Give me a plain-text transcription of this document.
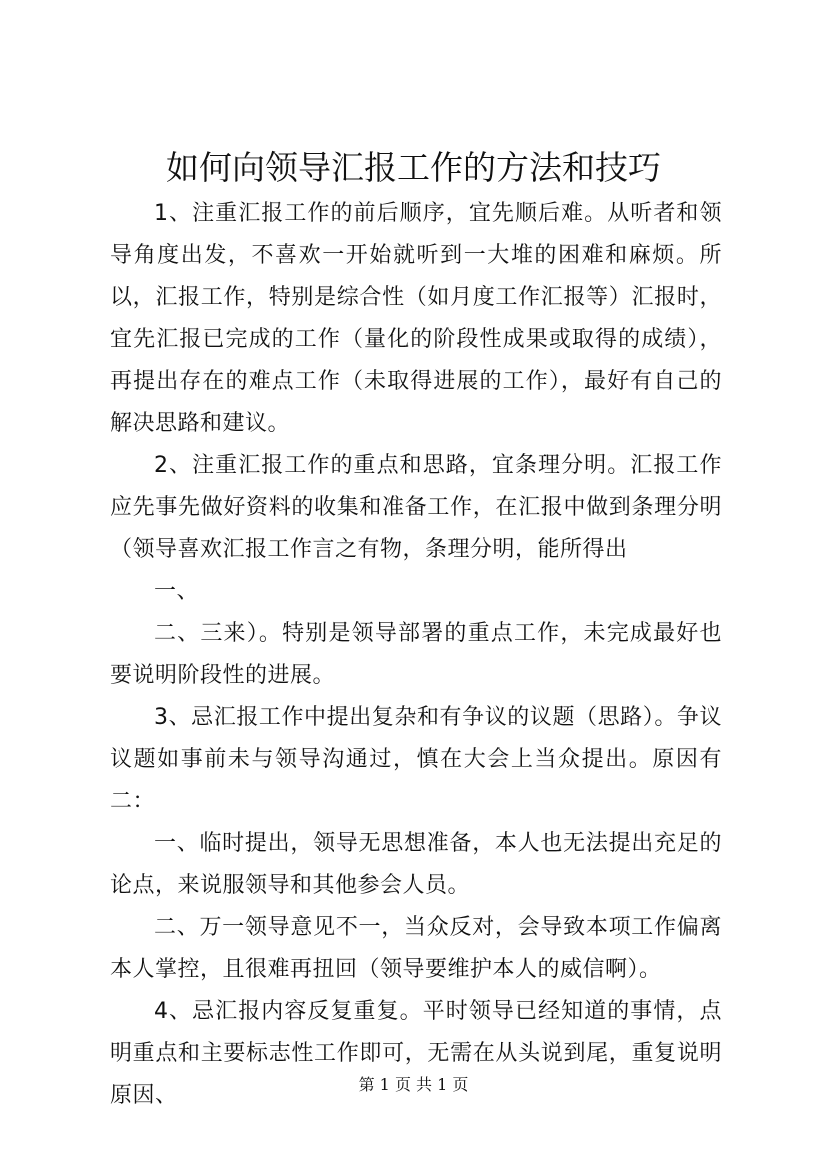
如何向领导汇报工作的方法和技巧

1、注重汇报工作的前后顺序，宜先顺后难。从听者和领导角度出发，不喜欢一开始就听到一大堆的困难和麻烦。所以，汇报工作，特别是综合性（如月度工作汇报等）汇报时，宜先汇报已完成的工作（量化的阶段性成果或取得的成绩），再提出存在的难点工作（未取得进展的工作），最好有自己的解决思路和建议。

2、注重汇报工作的重点和思路，宜条理分明。汇报工作应先事先做好资料的收集和准备工作，在汇报中做到条理分明（领导喜欢汇报工作言之有物，条理分明，能所得出

一、

二、三来）。特别是领导部署的重点工作，未完成最好也要说明阶段性的进展。

3、忌汇报工作中提出复杂和有争议的议题（思路）。争议议题如事前未与领导沟通过，慎在大会上当众提出。原因有二：

一、临时提出，领导无思想准备，本人也无法提出充足的论点，来说服领导和其他参会人员。

二、万一领导意见不一，当众反对，会导致本项工作偏离本人掌控，且很难再扭回（领导要维护本人的威信啊）。

4、忌汇报内容反复重复。平时领导已经知道的事情，点明重点和主要标志性工作即可，无需在从头说到尾，重复说明原因、	第 1 页 共 1 页
